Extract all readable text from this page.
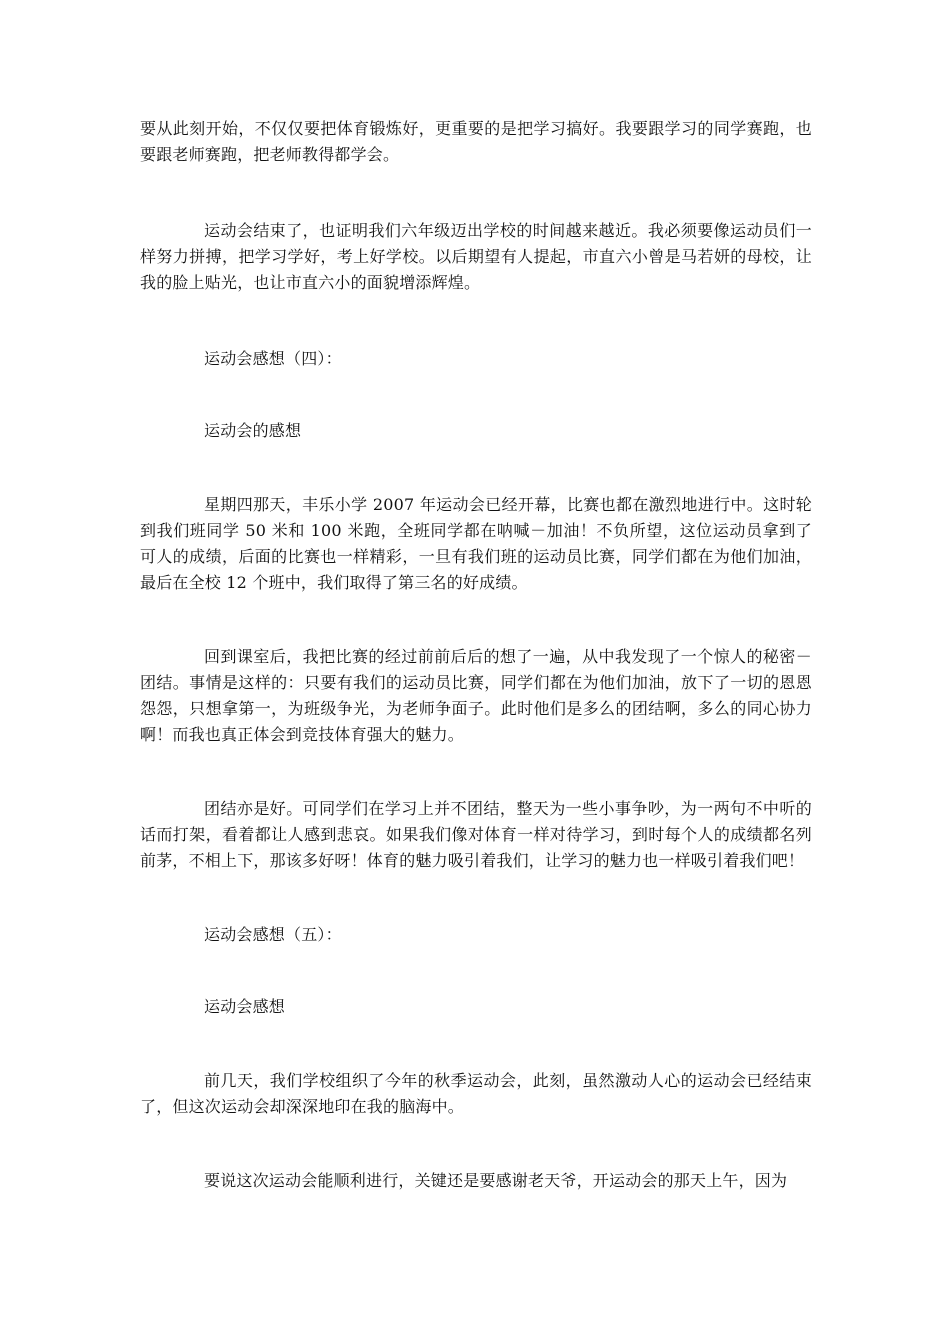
要从此刻开始，不仅仅要把体育锻炼好，更重要的是把学习搞好。我要跟学习的同学赛跑，也要跟老师赛跑，把老师教得都学会。

运动会结束了，也证明我们六年级迈出学校的时间越来越近。我必须要像运动员们一样努力拼搏，把学习学好，考上好学校。以后期望有人提起，市直六小曾是马若妍的母校，让我的脸上贴光，也让市直六小的面貌增添辉煌。

运动会感想（四）：

运动会的感想

星期四那天，丰乐小学 2007 年运动会已经开幕，比赛也都在激烈地进行中。这时轮到我们班同学 50 米和 100 米跑，全班同学都在呐喊－加油！不负所望，这位运动员拿到了可人的成绩，后面的比赛也一样精彩，一旦有我们班的运动员比赛，同学们都在为他们加油，最后在全校 12 个班中，我们取得了第三名的好成绩。

回到课室后，我把比赛的经过前前后后的想了一遍，从中我发现了一个惊人的秘密－团结。事情是这样的：只要有我们的运动员比赛，同学们都在为他们加油，放下了一切的恩恩怨怨，只想拿第一，为班级争光，为老师争面子。此时他们是多么的团结啊，多么的同心协力啊！而我也真正体会到竞技体育强大的魅力。

团结亦是好。可同学们在学习上并不团结，整天为一些小事争吵，为一两句不中听的话而打架，看着都让人感到悲哀。如果我们像对体育一样对待学习，到时每个人的成绩都名列前茅，不相上下，那该多好呀！体育的魅力吸引着我们，让学习的魅力也一样吸引着我们吧！

运动会感想（五）：

运动会感想

前几天，我们学校组织了今年的秋季运动会，此刻，虽然激动人心的运动会已经结束了，但这次运动会却深深地印在我的脑海中。

要说这次运动会能顺利进行，关键还是要感谢老天爷，开运动会的那天上午，因为
